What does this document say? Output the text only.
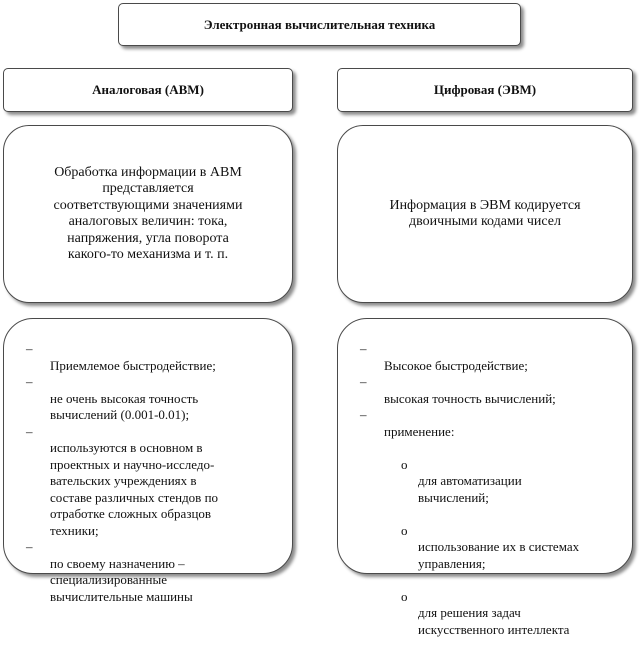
Электронная вычислительная техника
Аналоговая (АВМ)	Цифровая (ЭВМ)
Обработка информации в АВМ
представляется
соответствующими значениями
аналоговых величин: тока,
напряжения, угла поворота
какого-то механизма и т. п.
Информация в ЭВМ кодируется
двоичными кодами чисел

–
Приемлемое быстродействие;

–
не очень высокая точность
вычислений (0.001-0.01);

–
используются в основном в
проектных и научно-исследо-
вательских учреждениях в
составе различных стендов по
отработке сложных образцов
техники;

–
по своему назначению –
специализированные
вычислительные машины

–
Высокое быстродействие;

–
высокая точность вычислений;

–
применение:

o
для автоматизации
вычислений;

o
использование их в системах
управления;

o
для решения задач
искусственного интеллекта
